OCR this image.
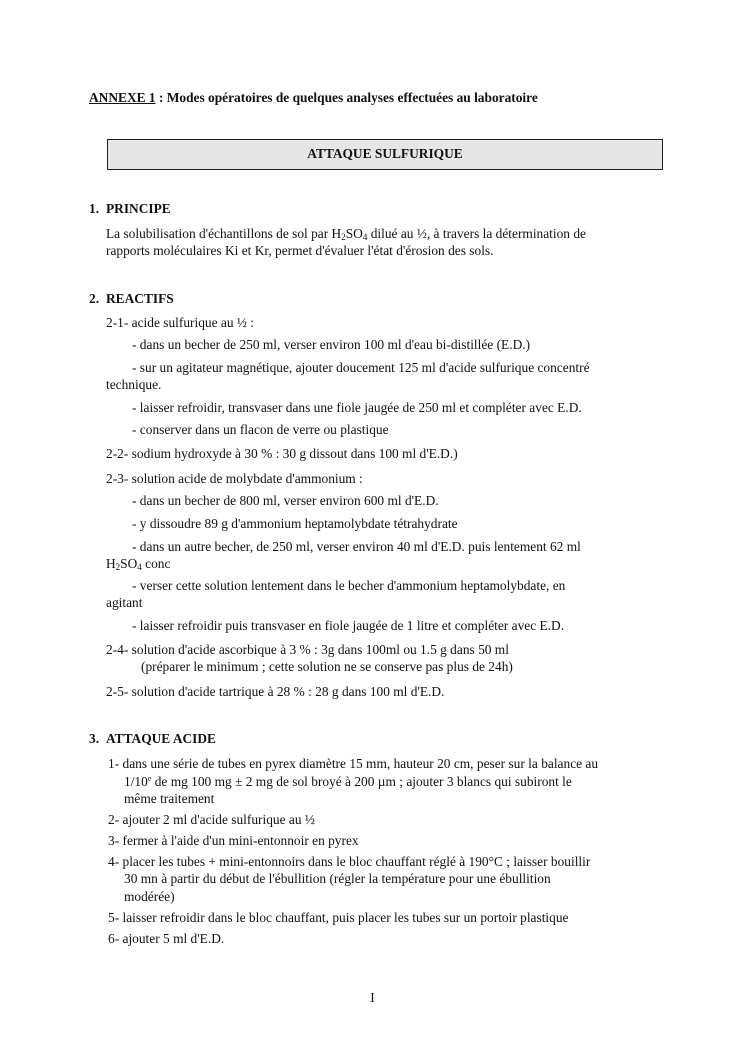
ANNEXE 1 : Modes opératoires de quelques analyses effectuées au laboratoire
ATTAQUE SULFURIQUE
1. PRINCIPE
La solubilisation d'échantillons de sol par $H_2SO_4$ dilué au ½, à travers la détermination de
rapports moléculaires Ki et Kr, permet d'évaluer l'état d'érosion des sols.
2. REACTIFS
2-1- acide sulfurique au ½ :
- dans un becher de 250 ml, verser environ 100 ml d'eau bi-distillée (E.D.)
- sur un agitateur magnétique, ajouter doucement 125 ml d'acide sulfurique concentré
technique.
- laisser refroidir, transvaser dans une fiole jaugée de 250 ml et compléter avec E.D.
- conserver dans un flacon de verre ou plastique
2-2- sodium hydroxyde à 30 % : 30 g dissout dans 100 ml d'E.D.)
2-3- solution acide de molybdate d'ammonium :
- dans un becher de 800 ml, verser environ 600 ml d'E.D.
- y dissoudre 89 g d'ammonium heptamolybdate tétrahydrate
- dans un autre becher, de 250 ml, verser environ 40 ml d'E.D. puis lentement 62 ml
$H_2SO_4$ conc
- verser cette solution lentement dans le becher d'ammonium heptamolybdate, en
agitant
- laisser refroidir puis transvaser en fiole jaugée de 1 litre et compléter avec E.D.
2-4- solution d'acide ascorbique à 3 % : 3g dans 100ml ou 1.5 g dans 50 ml
(préparer le minimum ; cette solution ne se conserve pas plus de 24h)
2-5- solution d'acide tartrique à 28 % : 28 g dans 100 ml d'E.D.
3. ATTAQUE ACIDE
1- dans une série de tubes en pyrex diamètre 15 mm, hauteur 20 cm, peser sur la balance au
1/10e de mg 100 mg ± 2 mg de sol broyé à 200 µm ; ajouter 3 blancs qui subiront le
même traitement
2- ajouter 2 ml d'acide sulfurique au ½
3- fermer à l'aide d'un mini-entonnoir en pyrex
4- placer les tubes + mini-entonnoirs dans le bloc chauffant réglé à 190°C ; laisser bouillir
30 mn à partir du début de l'ébullition (régler la température pour une ébullition
modérée)
5- laisser refroidir dans le bloc chauffant, puis placer les tubes sur un portoir plastique
6- ajouter 5 ml d'E.D.
I
